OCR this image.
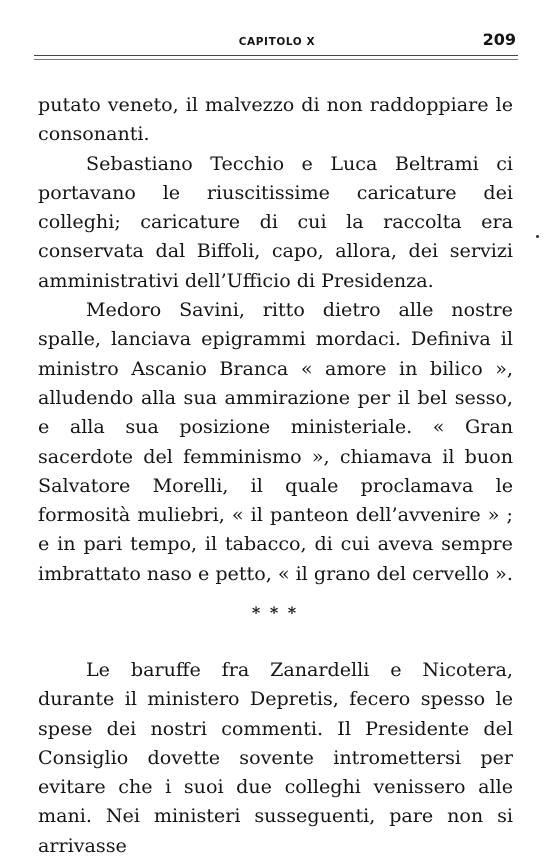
CAPITOLO X	209

putato veneto, il malvezzo di non raddoppiare le consonanti.

Sebastiano Tecchio e Luca Beltrami ci portavano le riuscitissime caricature dei colleghi; caricature di cui la raccolta era conservata dal Biffoli, capo, allora, dei servizi amministrativi dell’Ufficio di Presidenza.

Medoro Savini, ritto dietro alle nostre spalle, lanciava epigrammi mordaci. Definiva il ministro Ascanio Branca « amore in bilico », alludendo alla sua ammirazione per il bel sesso, e alla sua posizione ministeriale. « Gran sacerdote del femminismo », chiamava il buon Salvatore Morelli, il quale proclamava le formosità muliebri, « il panteon dell’avvenire » ; e in pari tempo, il tabacco, di cui aveva sempre imbrattato naso e petto, « il grano del cervello ».

* * *

Le baruffe fra Zanardelli e Nicotera, durante il ministero Depretis, fecero spesso le spese dei nostri commenti. Il Presidente del Consiglio dovette sovente intromettersi per evitare che i suoi due colleghi venissero alle mani. Nei ministeri susseguenti, pare non si arrivasse
